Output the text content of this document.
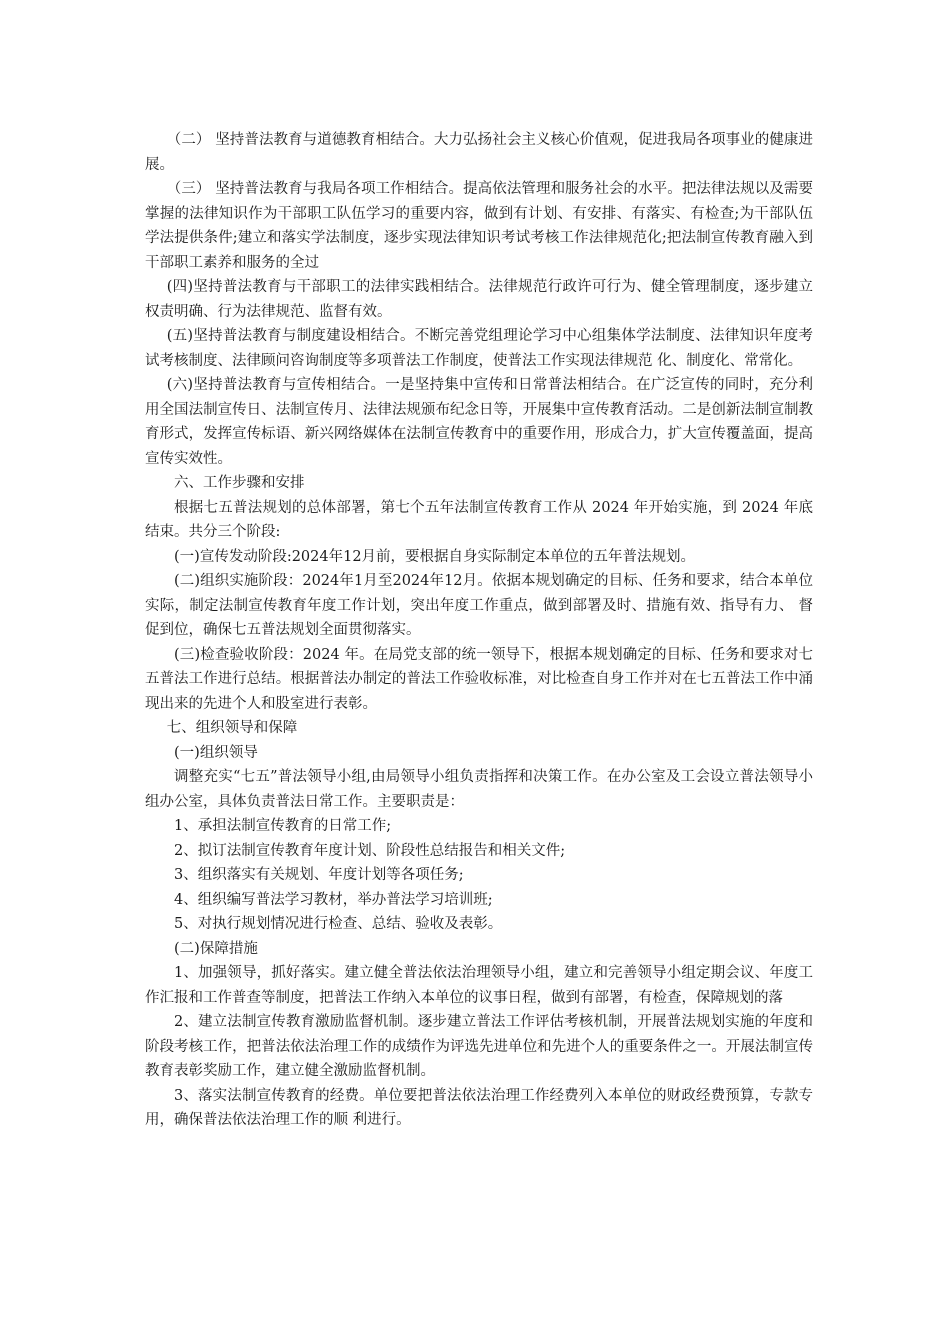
（二） 坚持普法教育与道德教育相结合。大力弘扬社会主义核心价值观，促进我局各项事业的健康进展。

（三） 坚持普法教育与我局各项工作相结合。提高依法管理和服务社会的水平。把法律法规以及需要掌握的法律知识作为干部职工队伍学习的重要内容，做到有计划、有安排、有落实、有检查;为干部队伍学法提供条件;建立和落实学法制度，逐步实现法律知识考试考核工作法律规范化;把法制宣传教育融入到干部职工素养和服务的全过

(四)坚持普法教育与干部职工的法律实践相结合。法律规范行政许可行为、健全管理制度，逐步建立权责明确、行为法律规范、监督有效。

(五)坚持普法教育与制度建设相结合。不断完善党组理论学习中心组集体学法制度、法律知识年度考试考核制度、法律顾问咨询制度等多项普法工作制度，使普法工作实现法律规范 化、制度化、常常化。

(六)坚持普法教育与宣传相结合。一是坚持集中宣传和日常普法相结合。在广泛宣传的同时，充分利用全国法制宣传日、法制宣传月、法律法规颁布纪念日等，开展集中宣传教育活动。二是创新法制宣制教育形式，发挥宣传标语、新兴网络媒体在法制宣传教育中的重要作用，形成合力，扩大宣传覆盖面，提高宣传实效性。

六、工作步骤和安排

根据七五普法规划的总体部署，第七个五年法制宣传教育工作从 2024 年开始实施，到 2024 年底结束。共分三个阶段:

(一)宣传发动阶段:2024年12月前，要根据自身实际制定本单位的五年普法规划。

(二)组织实施阶段：2024年1月至2024年12月。依据本规划确定的目标、任务和要求，结合本单位实际，制定法制宣传教育年度工作计划，突出年度工作重点，做到部署及时、措施有效、指导有力、 督促到位，确保七五普法规划全面贯彻落实。

(三)检查验收阶段：2024 年。在局党支部的统一领导下，根据本规划确定的目标、任务和要求对七五普法工作进行总结。根据普法办制定的普法工作验收标准，对比检查自身工作并对在七五普法工作中涌现出来的先进个人和股室进行表彰。

七、组织领导和保障

(一)组织领导

调整充实“七五”普法领导小组,由局领导小组负责指挥和决策工作。在办公室及工会设立普法领导小组办公室，具体负责普法日常工作。主要职责是：

1、承担法制宣传教育的日常工作;

2、拟订法制宣传教育年度计划、阶段性总结报告和相关文件;

3、组织落实有关规划、年度计划等各项任务;

4、组织编写普法学习教材，举办普法学习培训班;

5、对执行规划情况进行检查、总结、验收及表彰。

(二)保障措施

1、加强领导，抓好落实。建立健全普法依法治理领导小组，建立和完善领导小组定期会议、年度工作汇报和工作普查等制度，把普法工作纳入本单位的议事日程，做到有部署，有检查，保障规划的落

2、建立法制宣传教育激励监督机制。逐步建立普法工作评估考核机制，开展普法规划实施的年度和阶段考核工作，把普法依法治理工作的成绩作为评选先进单位和先进个人的重要条件之一。开展法制宣传教育表彰奖励工作，建立健全激励监督机制。

3、落实法制宣传教育的经费。单位要把普法依法治理工作经费列入本单位的财政经费预算，专款专用，确保普法依法治理工作的顺 利进行。
